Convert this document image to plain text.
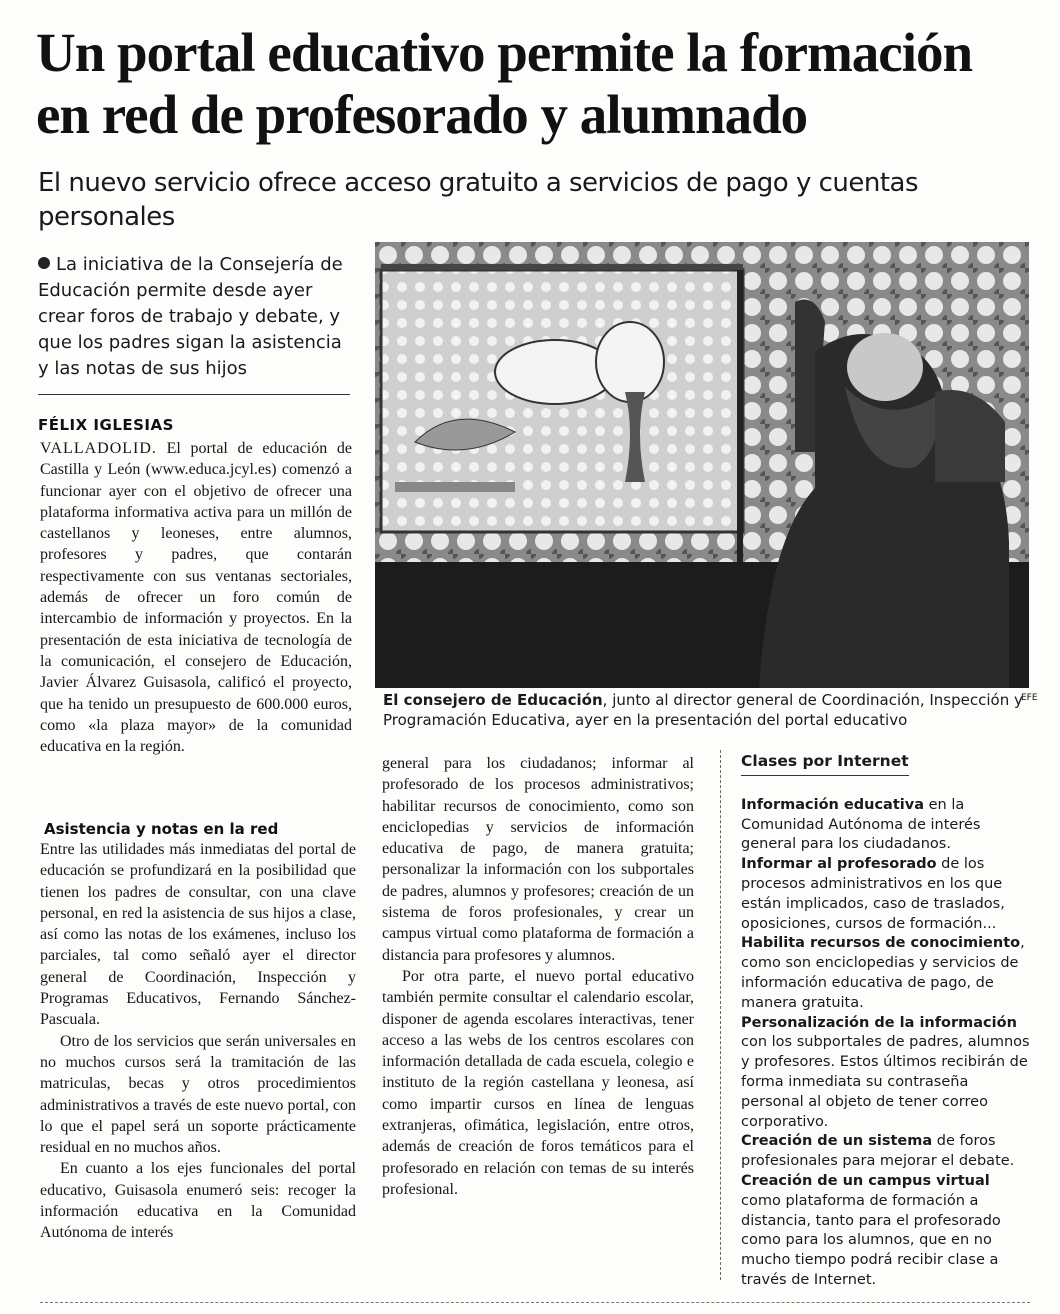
Un portal educativo permite la formación en red de profesorado y alumnado
El nuevo servicio ofrece acceso gratuito a servicios de pago y cuentas personales
La iniciativa de la Consejería de Educación permite desde ayer crear foros de trabajo y debate, y que los padres sigan la asistencia y las notas de sus hijos
FÉLIX IGLESIAS

VALLADOLID. El portal de educación de Castilla y León (www.educa.jcyl.es) comenzó a funcionar ayer con el objetivo de ofrecer una plataforma informativa activa para un millón de castellanos y leoneses, entre alumnos, profesores y padres, que contarán respectivamente con sus ventanas sectoriales, además de ofrecer un foro común de intercambio de información y proyectos. En la presentación de esta iniciativa de tecnología de la comunicación, el consejero de Educación, Javier Álvarez Guisasola, calificó el proyecto, que ha tenido un presupuesto de 600.000 euros, como «la plaza mayor» de la comunidad educativa en la región.

Asistencia y notas en la red

Entre las utilidades más inmediatas del portal de educación se profundizará en la posibilidad que tienen los padres de consultar, con una clave personal, en red la asistencia de sus hijos a clase, así como las notas de los exámenes, incluso los parciales, tal como señaló ayer el director general de Coordinación, Inspección y Programas Educativos, Fernando Sánchez-Pascuala.

Otro de los servicios que serán universales en no muchos cursos será la tramitación de las matriculas, becas y otros procedimientos administrativos a través de este nuevo portal, con lo que el papel será un soporte prácticamente residual en no muchos años.

En cuanto a los ejes funcionales del portal educativo, Guisasola enumeró seis: recoger la información educativa en la Comunidad Autónoma de interés

EFE
El consejero de Educación, junto al director general de Coordinación, Inspección y Programación Educativa, ayer en la presentación del portal educativo

general para los ciudadanos; informar al profesorado de los procesos administrativos; habilitar recursos de conocimiento, como son enciclopedias y servicios de información educativa de pago, de manera gratuita; personalizar la información con los subportales de padres, alumnos y profesores; creación de un sistema de foros profesionales, y crear un campus virtual como plataforma de formación a distancia para profesores y alumnos.

Por otra parte, el nuevo portal educativo también permite consultar el calendario escolar, disponer de agenda escolares interactivas, tener acceso a las webs de los centros escolares con información detallada de cada escuela, colegio e instituto de la región castellana y leonesa, así como impartir cursos en línea de lenguas extranjeras, ofimática, legislación, entre otros, además de creación de foros temáticos para el profesorado en relación con temas de su interés profesional.

Clases por Internet

Información educativa en la Comunidad Autónoma de interés general para los ciudadanos.

Informar al profesorado de los procesos administrativos en los que están implicados, caso de traslados, oposiciones, cursos de formación...

Habilita recursos de conocimiento, como son enciclopedias y servicios de información educativa de pago, de manera gratuita.

Personalización de la información con los subportales de padres, alumnos y profesores. Estos últimos recibirán de forma inmediata su contraseña personal al objeto de tener correo corporativo.

Creación de un sistema de foros profesionales para mejorar el debate.

Creación de un campus virtual como plataforma de formación a distancia, tanto para el profesorado como para los alumnos, que en no mucho tiempo podrá recibir clase a través de Internet.
